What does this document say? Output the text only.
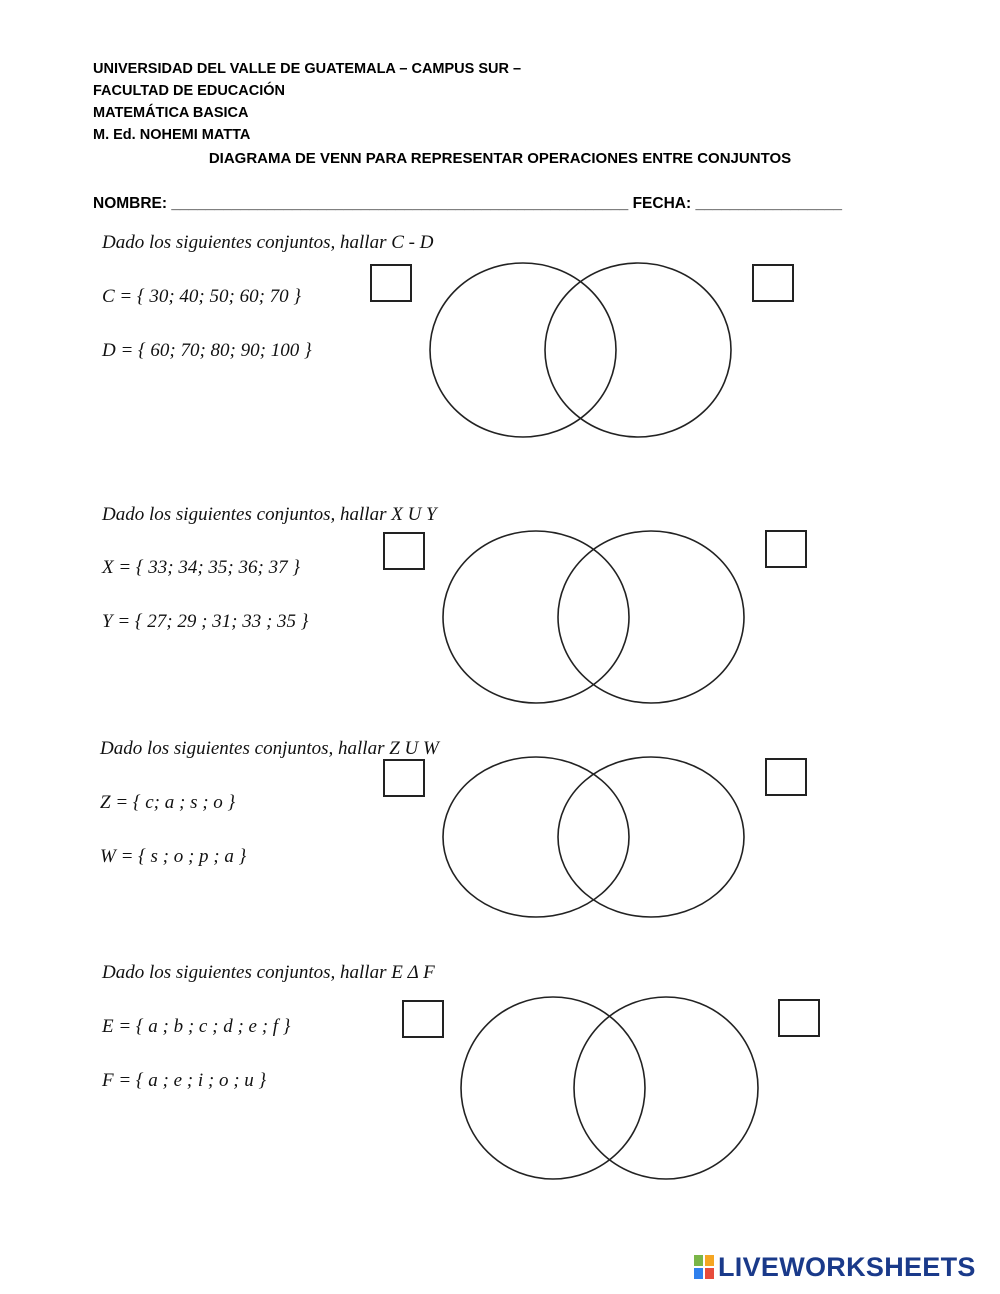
UNIVERSIDAD DEL VALLE DE GUATEMALA – CAMPUS SUR –
FACULTAD DE EDUCACIÓN
MATEMÁTICA BASICA
M. Ed. NOHEMI MATTA
DIAGRAMA DE VENN PARA REPRESENTAR OPERACIONES ENTRE CONJUNTOS
NOMBRE: _____________________________________________________ FECHA: _________________
Dado los siguientes conjuntos, hallar C - D
C = { 30; 40; 50; 60; 70 }
D = { 60; 70; 80; 90; 100 }
Dado los siguientes conjuntos, hallar X U Y
X = { 33; 34; 35; 36; 37 }
Y = { 27; 29 ; 31; 33 ; 35 }
Dado los siguientes conjuntos, hallar Z U W
Z = { c; a ; s ; o }
W = { s ; o ; p ; a }
Dado los siguientes conjuntos, hallar E Δ F
E = { a ; b ; c ; d ; e ; f }
F = { a ; e ; i ; o ; u }
LIVEWORKSHEETS
